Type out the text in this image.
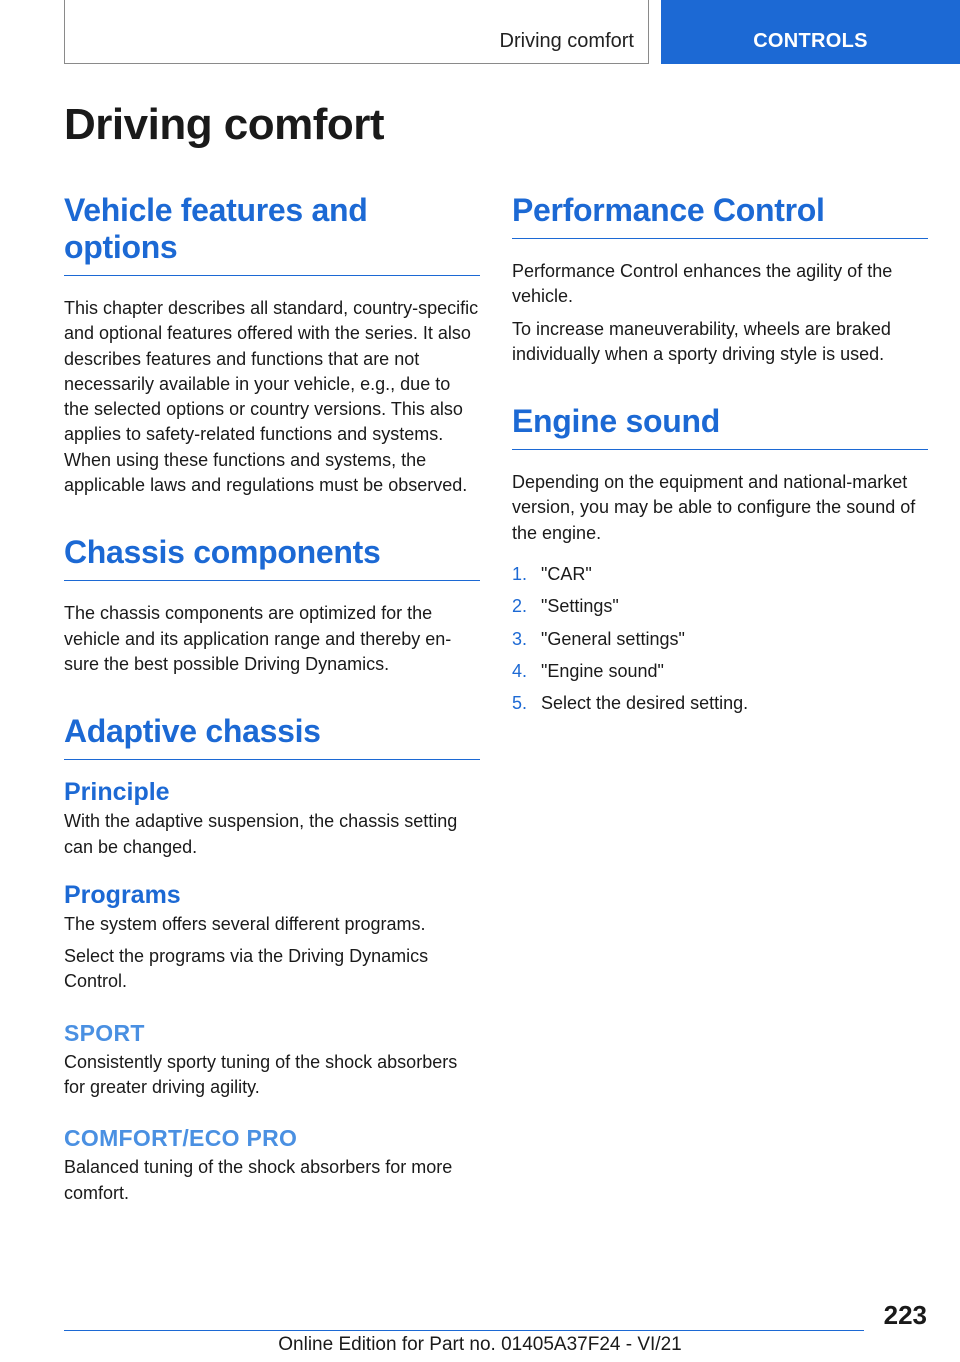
Driving comfort	CONTROLS
Driving comfort
Vehicle features and options

This chapter describes all standard, country-specific and optional features offered with the series. It also describes features and functions that are not necessarily available in your vehicle, e.g., due to the selected options or country versions. This also applies to safety-related functions and systems. When using these functions and systems, the applicable laws and regulations must be observed.

Chassis components

The chassis components are optimized for the vehicle and its application range and thereby ensure the best possible Driving Dynamics.

Adaptive chassis
Principle

With the adaptive suspension, the chassis setting can be changed.

Programs

The system offers several different programs.

Select the programs via the Driving Dynamics Control.

SPORT

Consistently sporty tuning of the shock absorbers for greater driving agility.

COMFORT/ECO PRO

Balanced tuning of the shock absorbers for more comfort.

Performance Control

Performance Control enhances the agility of the vehicle.

To increase maneuverability, wheels are braked individually when a sporty driving style is used.

Engine sound

Depending on the equipment and national-market version, you may be able to configure the sound of the engine.

1. "CAR"
2. "Settings"
3. "General settings"
4. "Engine sound"
5. Select the desired setting.
223
Online Edition for Part no. 01405A37F24 - VI/21
